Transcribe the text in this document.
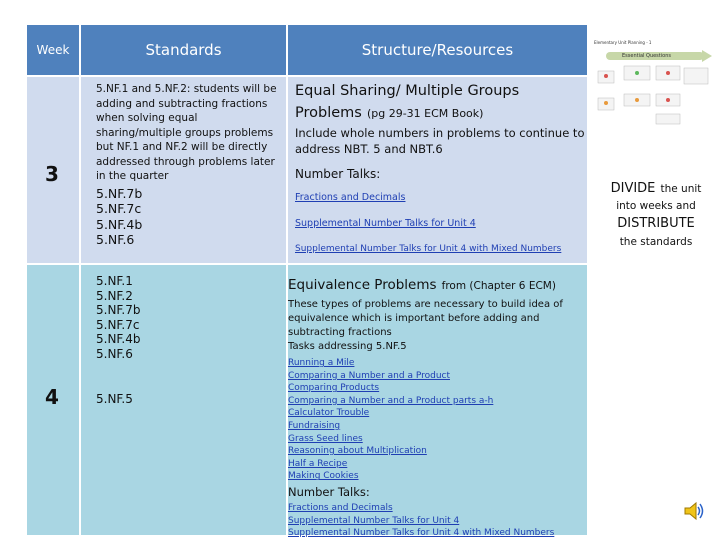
Week	Standards	Structure/Resources
3
5.NF.1 and 5.NF.2: students will be adding and subtracting fractions when solving equal sharing/multiple groups problems but NF.1 and NF.2 will be directly addressed through problems later in the quarter
5.NF.7b
5.NF.7c
5.NF.4b
5.NF.6
Equal Sharing/ Multiple Groups
Problems (pg 29-31 ECM Book)
Include whole numbers in problems to continue to address NBT. 5 and NBT.6
Number Talks:
Fractions and Decimals
Supplemental Number Talks for Unit 4
Supplemental Number Talks for Unit 4 with Mixed Numbers
4
5.NF.1
5.NF.2
5.NF.7b
5.NF.7c
5.NF.4b
5.NF.6
5.NF.5
Equivalence Problems from (Chapter 6 ECM)
These types of problems are necessary to build idea of equivalence which is important before adding and subtracting fractions
Tasks addressing 5.NF.5
Running a Mile
Comparing a Number and a Product
Comparing Products
Comparing a Number and a Product parts a-h
Calculator Trouble
Fundraising
Grass Seed lines
Reasoning about Multiplication
Half a Recipe
Making Cookies
Number Talks:
Fractions and Decimals
Supplemental Number Talks for Unit 4
Supplemental Number Talks for Unit 4 with Mixed Numbers
Elementary Unit Planning - 1
Essential Questions
DIVIDE the unit
into weeks and
DISTRIBUTE
the standards
